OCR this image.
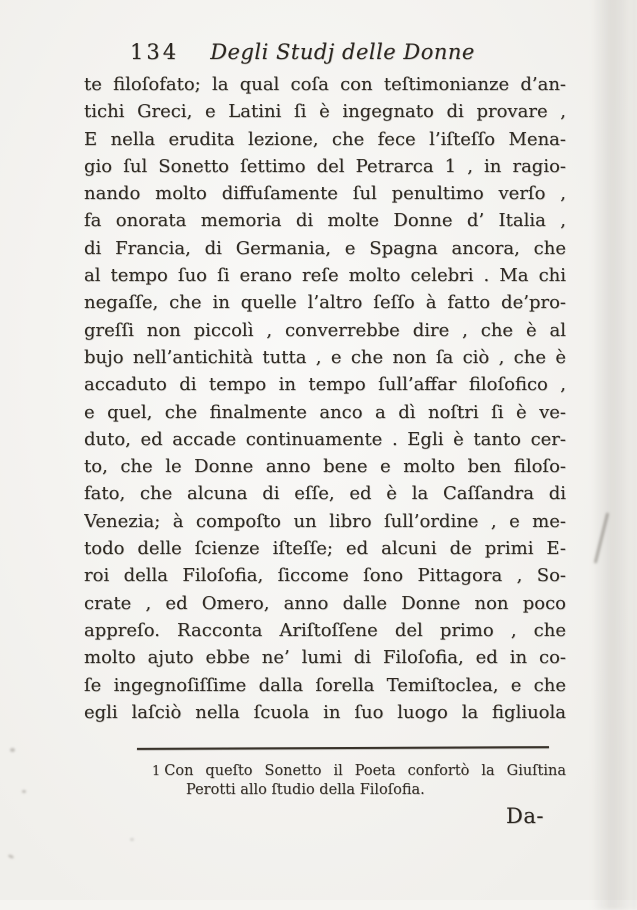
134	Degli Studj delle Donne
te filoſofato; la qual coſa con teſtimonianze d’an-
tichi Greci, e Latini ſi è ingegnato di provare ,
E nella erudita lezione, che fece l’iſteſſo Mena-
gio ſul Sonetto ſettimo del Petrarca 1 , in ragio-
nando molto diffuſamente ſul penultimo verſo ,
fa onorata memoria di molte Donne d’ Italia ,
di Francia, di Germania, e Spagna ancora, che
al tempo ſuo ſi erano reſe molto celebri . Ma chi
negaſſe, che in quelle l’altro ſeſſo à fatto de’pro-
greſſi non piccolì , converrebbe dire , che è al
bujo nell’antichità tutta , e che non ſa ciò , che è
accaduto di tempo in tempo ſull’affar filoſofico ,
e quel, che finalmente anco a dì noſtri ſi è ve-
duto, ed accade continuamente . Egli è tanto cer-
to, che le Donne anno bene e molto ben filoſo-
fato, che alcuna di eſſe, ed è la Caſſandra di
Venezia; à compoſto un libro ſull’ordine , e me-
todo delle ſcienze iſteſſe; ed alcuni de primi E-
roi della Filoſofia, ſiccome ſono Pittagora , So-
crate , ed Omero, anno dalle Donne non poco
appreſo. Racconta Ariſtoſſene del primo , che
molto ajuto ebbe ne’ lumi di Filoſofia, ed in co-
ſe ingegnoſiſſime dalla ſorella Temiſtoclea, e che
egli laſciò nella ſcuola in ſuo luogo la figliuola
1 Con queſto Sonetto il Poeta confortò la Giuſtina
Perotti allo ſtudio della Filoſofia.
Da-
